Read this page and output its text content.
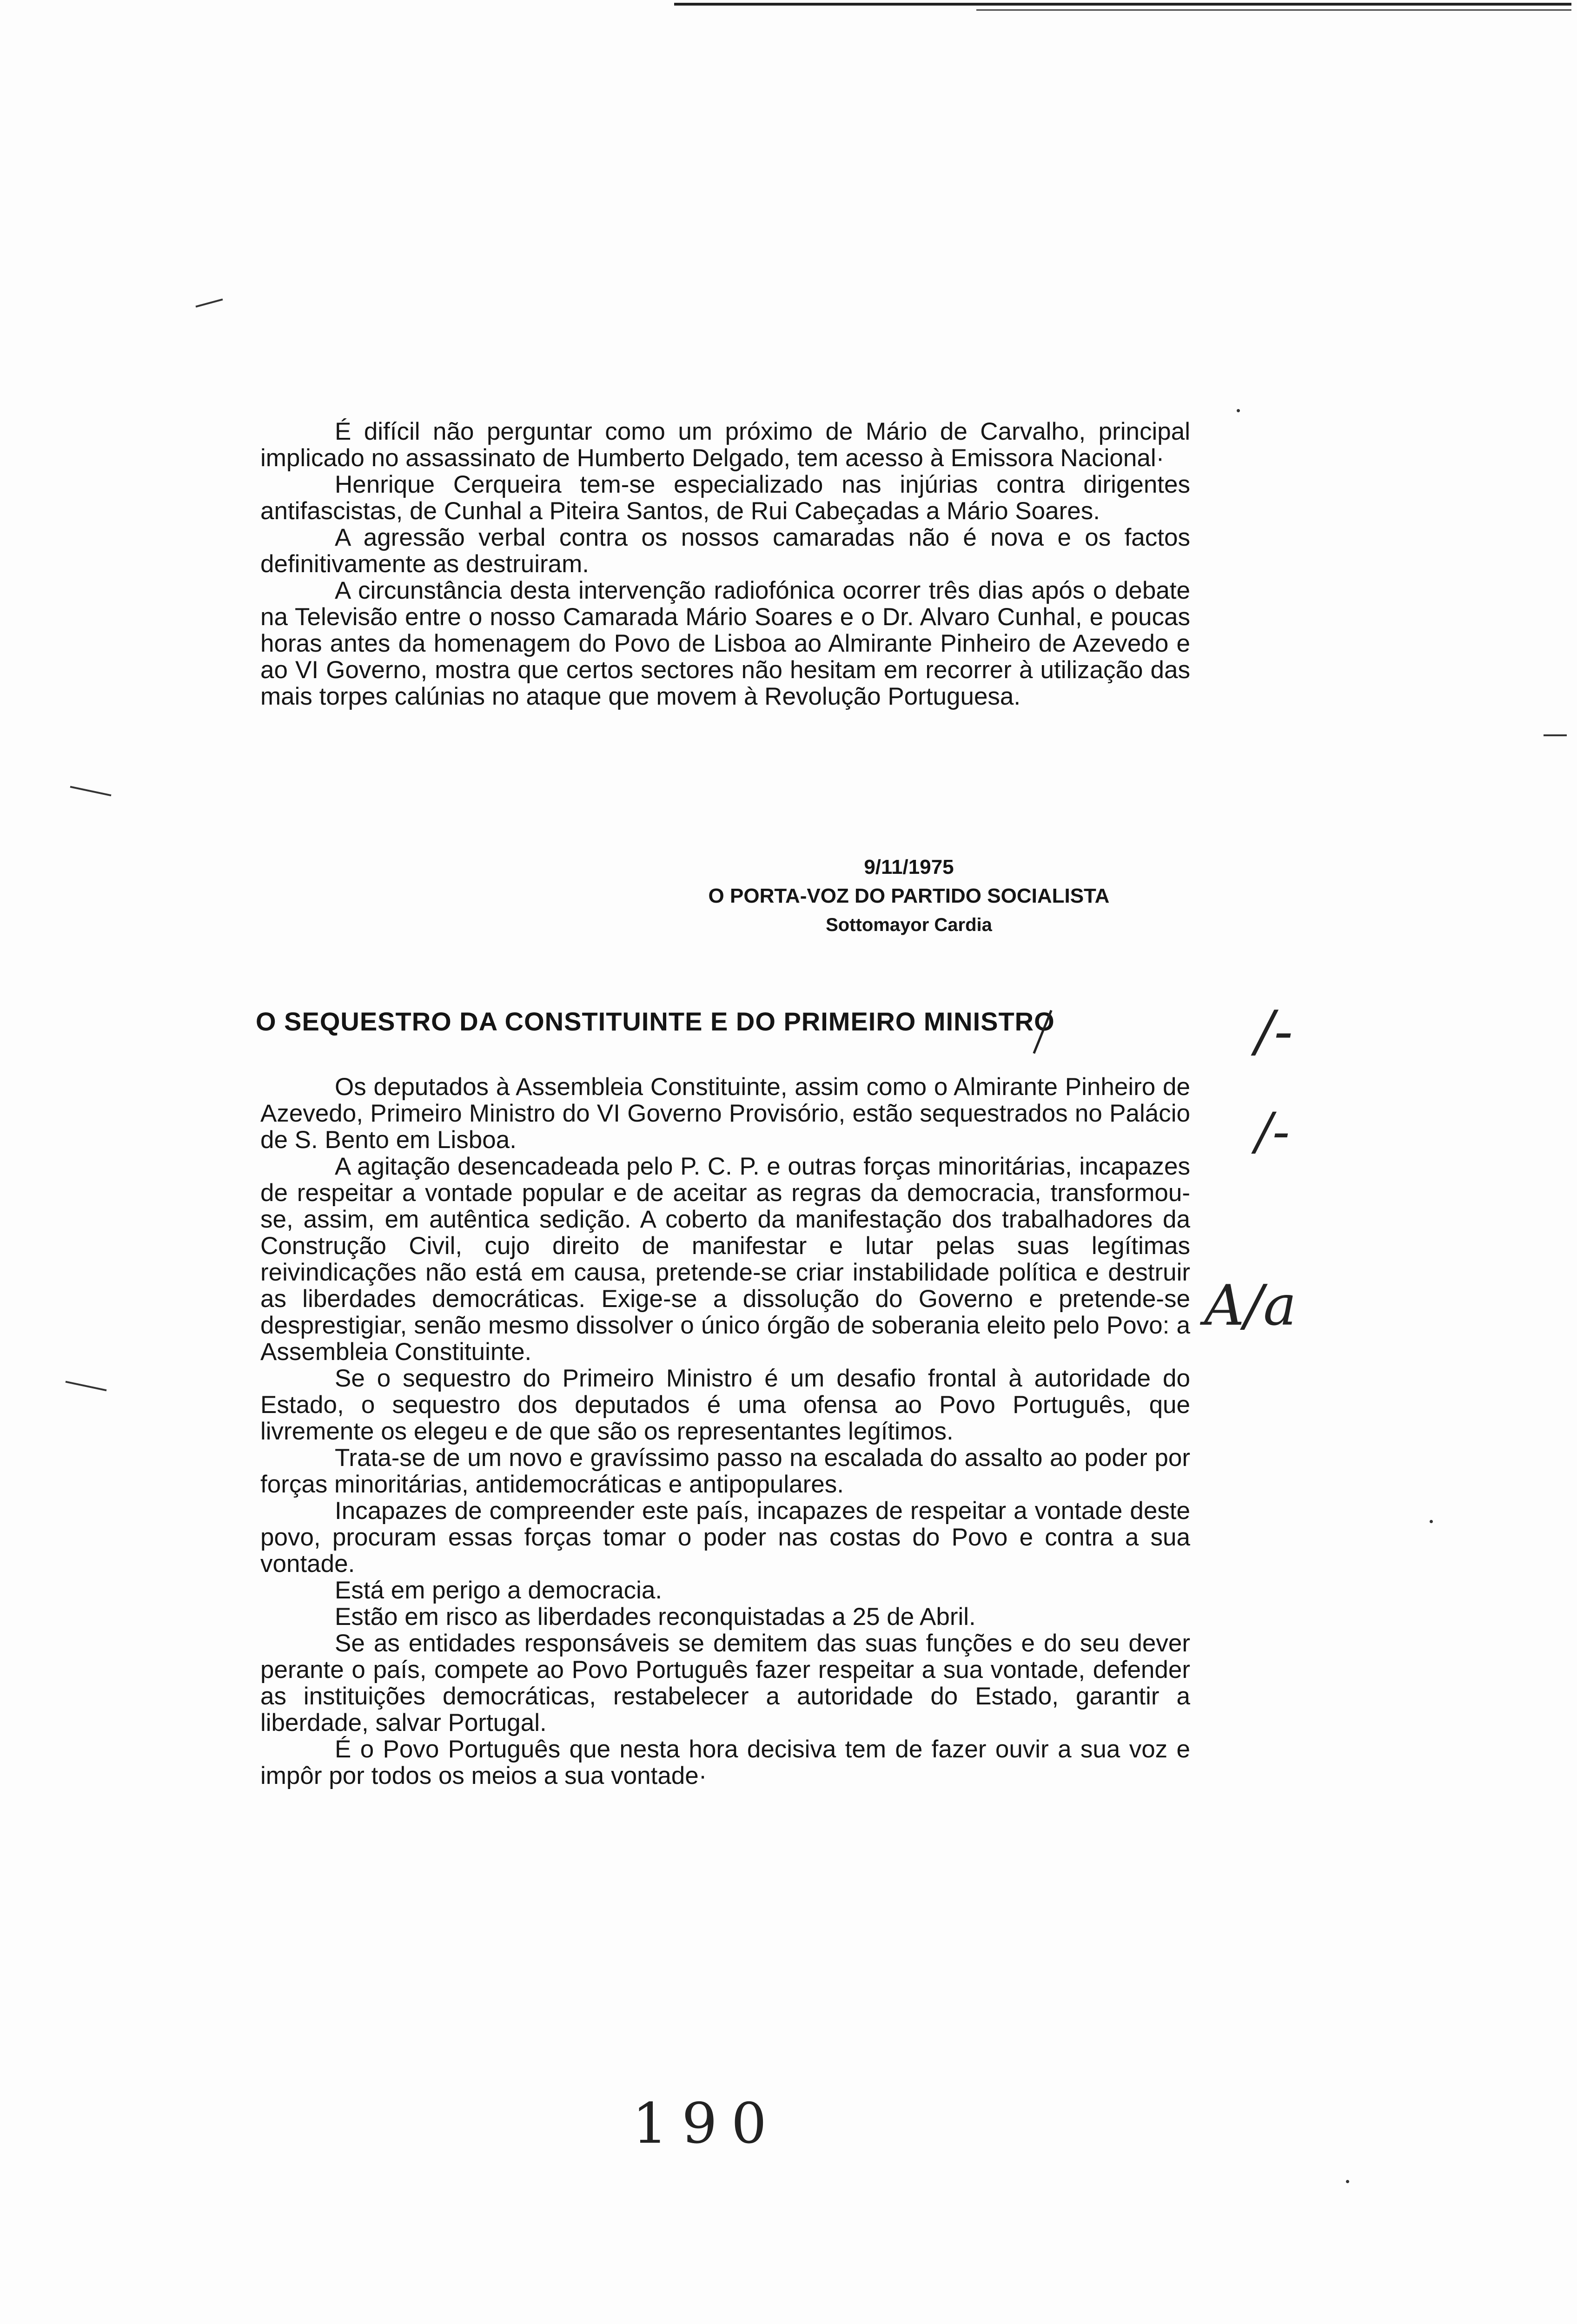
É difícil não perguntar como um próximo de Mário de Carvalho, principal implicado no assassinato de Humberto Delgado, tem acesso à Emissora Nacional·

Henrique Cerqueira tem-se especializado nas injúrias contra dirigentes antifascistas, de Cunhal a Piteira Santos, de Rui Cabeçadas a Mário Soares.

A agressão verbal contra os nossos camaradas não é nova e os factos definitivamente as destruiram.

A circunstância desta intervenção radiofónica ocorrer três dias após o debate na Televisão entre o nosso Camarada Mário Soares e o Dr. Alvaro Cunhal, e poucas horas antes da homenagem do Povo de Lisboa ao Almirante Pinheiro de Azevedo e ao VI Governo, mostra que certos sectores não hesitam em recorrer à utilização das mais torpes calúnias no ataque que movem à Revolução Portuguesa.

9/11/1975
O PORTA-VOZ DO PARTIDO SOCIALISTA
Sottomayor Cardia
O SEQUESTRO DA CONSTITUINTE E DO PRIMEIRO MINISTRO

Os deputados à Assembleia Constituinte, assim como o Almirante Pinheiro de Azevedo, Primeiro Ministro do VI Governo Provisório, estão sequestrados no Palácio de S. Bento em Lisboa.

A agitação desencadeada pelo P. C. P. e outras forças minoritárias, incapazes de respeitar a vontade popular e de aceitar as regras da democracia, transformou-se, assim, em autêntica sedição. A coberto da manifestação dos trabalhadores da Construção Civil, cujo direito de manifestar e lutar pelas suas legítimas reivindicações não está em causa, pretende-se criar instabilidade política e destruir as liberdades democráticas. Exige-se a dissolução do Governo e pretende-se desprestigiar, senão mesmo dissolver o único órgão de soberania eleito pelo Povo: a Assembleia Constituinte.

Se o sequestro do Primeiro Ministro é um desafio frontal à autoridade do Estado, o sequestro dos deputados é uma ofensa ao Povo Português, que livremente os elegeu e de que são os representantes legítimos.

Trata-se de um novo e gravíssimo passo na escalada do assalto ao poder por forças minoritárias, antidemocráticas e antipopulares.

Incapazes de compreender este país, incapazes de respeitar a vontade deste povo, procuram essas forças tomar o poder nas costas do Povo e contra a sua vontade.

Está em perigo a democracia.

Estão em risco as liberdades reconquistadas a 25 de Abril.

Se as entidades responsáveis se demitem das suas funções e do seu dever perante o país, compete ao Povo Português fazer respeitar a sua vontade, defender as instituições democráticas, restabelecer a autoridade do Estado, garantir a liberdade, salvar Portugal.

É o Povo Português que nesta hora decisiva tem de fazer ouvir a sua voz e impôr por todos os meios a sua vontade·

/-
/-
A/a
190
